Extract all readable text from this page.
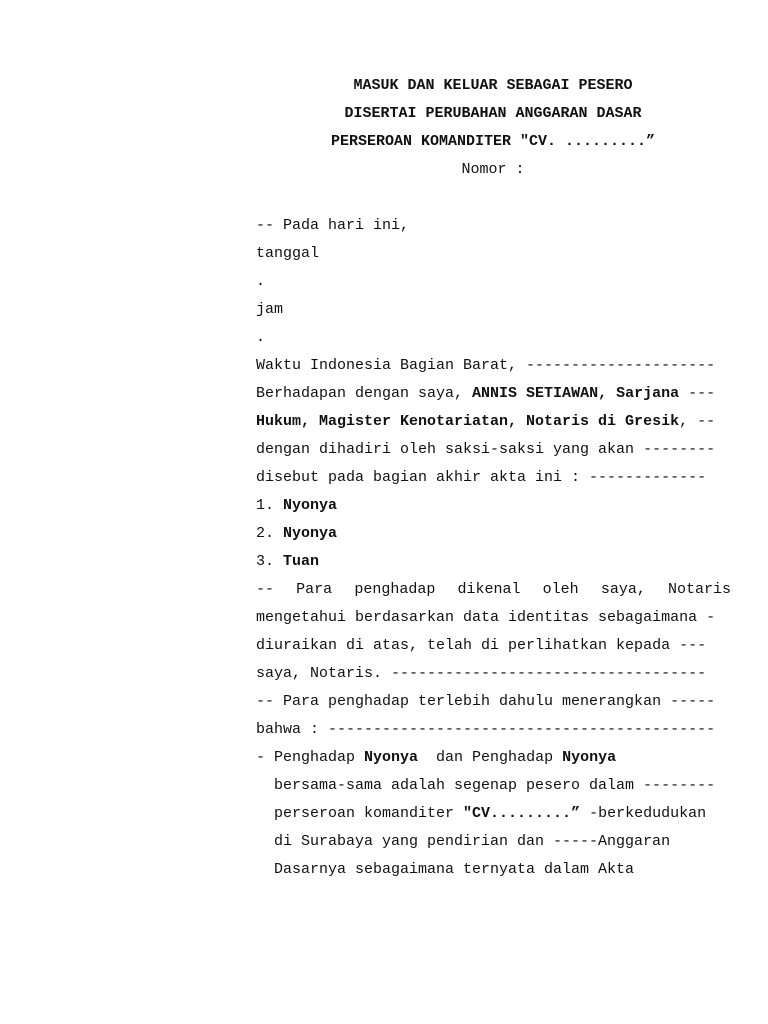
MASUK DAN KELUAR SEBAGAI PESERO
DISERTAI PERUBAHAN ANGGARAN DASAR
PERSEROAN KOMANDITER "CV. .........”
Nomor :
-- Pada hari ini,
tanggal
.
jam
.
Waktu Indonesia Bagian Barat, ---------------------
Berhadapan dengan saya, ANNIS SETIAWAN, Sarjana ---
Hukum, Magister Kenotariatan, Notaris di Gresik, --
dengan dihadiri oleh saksi-saksi yang akan --------
disebut pada bagian akhir akta ini : -------------
1. Nyonya
2. Nyonya
3. Tuan
-- Para penghadap dikenal oleh saya, Notaris
mengetahui berdasarkan data identitas sebagaimana -
diuraikan di atas, telah di perlihatkan kepada ---
saya, Notaris. -----------------------------------
-- Para penghadap terlebih dahulu menerangkan -----
bahwa : -------------------------------------------
- Penghadap Nyonya  dan Penghadap Nyonya
bersama-sama adalah segenap pesero dalam --------
perseroan komanditer "CV.........” -berkedudukan
di Surabaya yang pendirian dan -----Anggaran
Dasarnya sebagaimana ternyata dalam Akta
